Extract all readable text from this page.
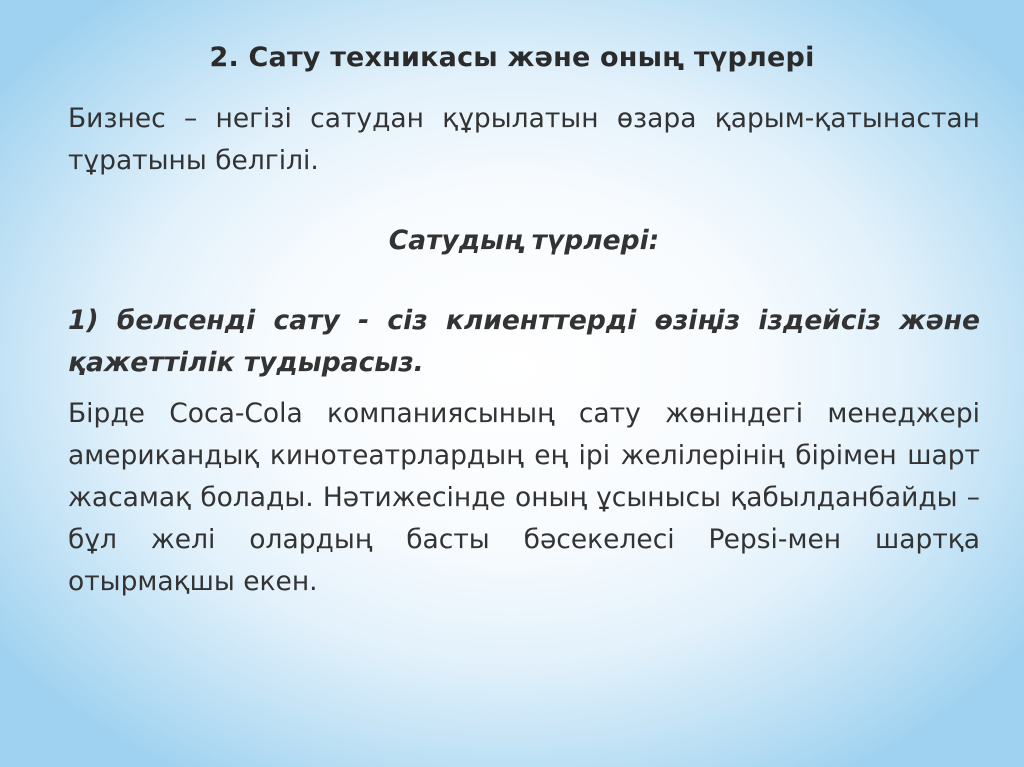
2. Сату техникасы және оның түрлері
Бизнес – негізі сатудан құрылатын өзара қарым-қатынастан тұратыны белгілі.
Сатудың түрлері:
1) белсенді сату - сіз клиенттерді өзіңіз іздейсіз және қажеттілік тудырасыз.
Бірде Coca-Cola компаниясының сату жөніндегі менеджері американдық кинотеатрлардың ең ірі желілерінің бірімен шарт жасамақ болады. Нәтижесінде оның ұсынысы қабылданбайды – бұл желі олардың басты бәсекелесі Pepsi-мен шартқа отырмақшы екен.
